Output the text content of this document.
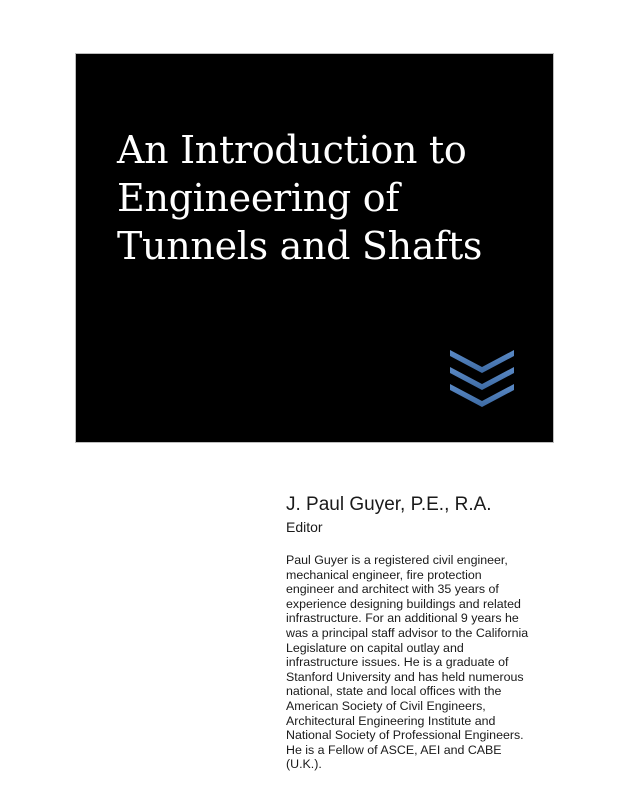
An Introduction to
Engineering of
Tunnels and Shafts

J. Paul Guyer, P.E., R.A.

Editor

Paul Guyer is a registered civil engineer,
mechanical engineer, fire protection
engineer and architect with 35 years of
experience designing buildings and related
infrastructure. For an additional 9 years he
was a principal staff advisor to the California
Legislature on capital outlay and
infrastructure issues. He is a graduate of
Stanford University and has held numerous
national, state and local offices with the
American Society of Civil Engineers,
Architectural Engineering Institute and
National Society of Professional Engineers.
He is a Fellow of ASCE, AEI and CABE
(U.K.).
